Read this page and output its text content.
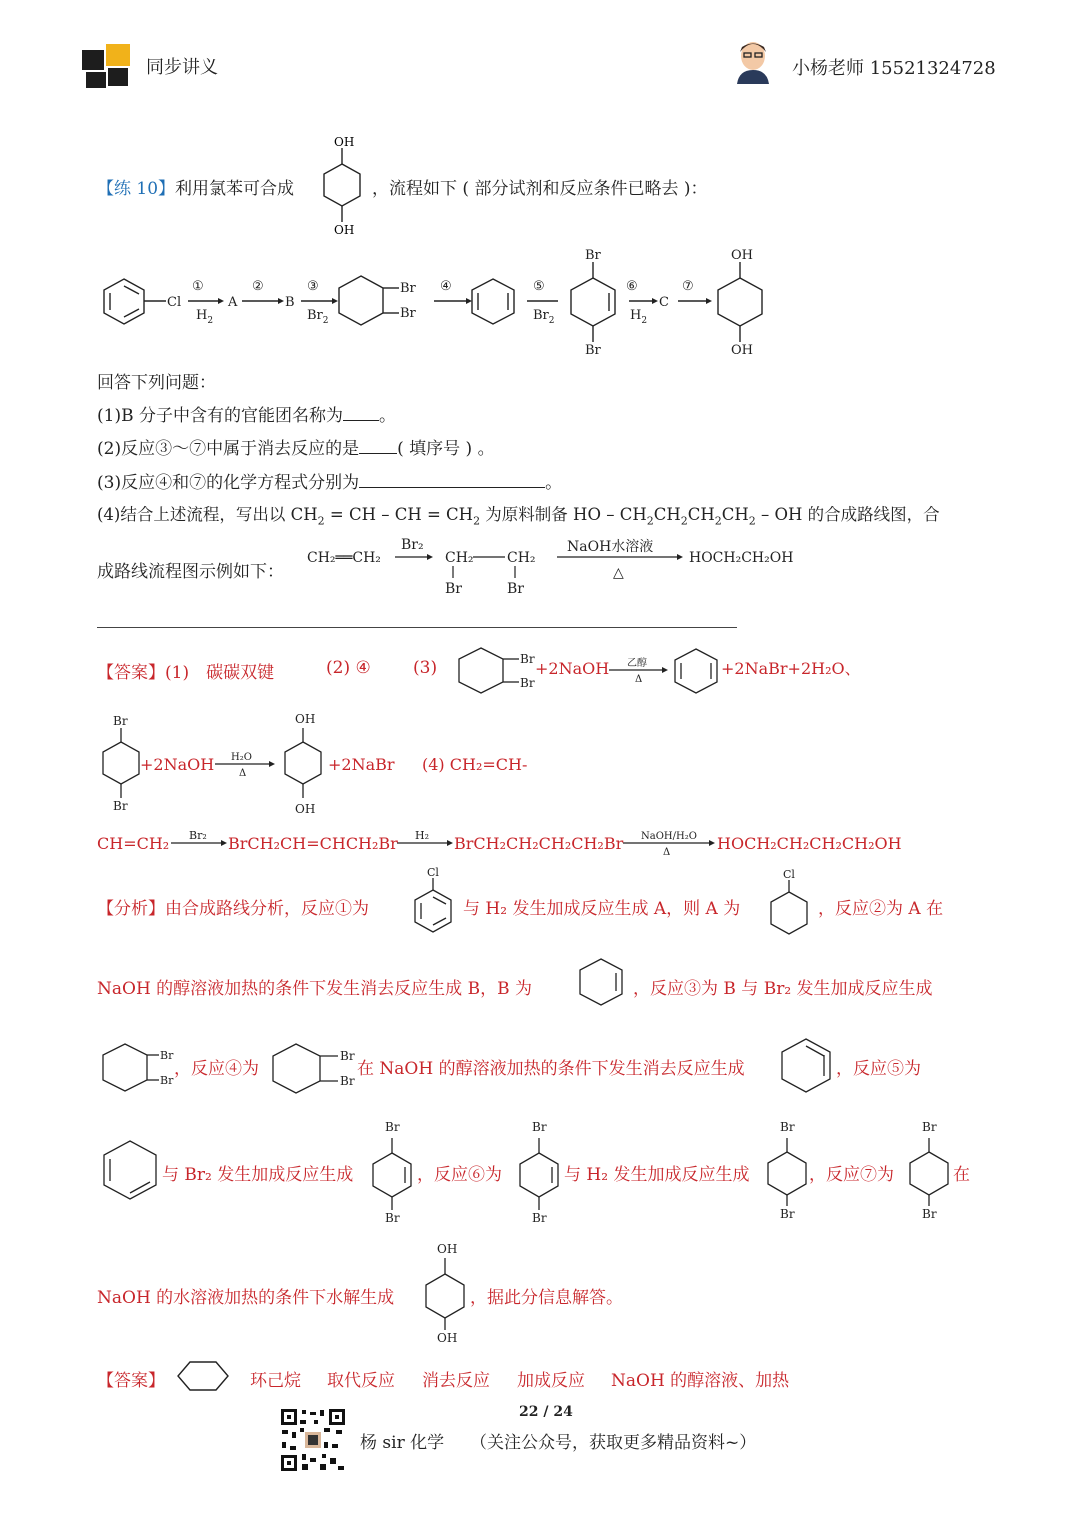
同步讲义	小杨老师 15521324728
【练 10】利用氯苯可合成
OH
OH
，流程如下 ( 部分试剂和反应条件已略去 )：
Cl
①
$H_2$
A
②
B
③
$Br_2$
Br
Br
④	⑤
$Br_2$
Br
Br
⑥
$H_2$
C
⑦
OH
OH
回答下列问题：
(1)B 分子中含有的官能团名称为 。
(2)反应③～⑦中属于消去反应的是 ( 填序号 ) 。
(3)反应④和⑦的化学方程式分别为	。
(4)结合上述流程，写出以 $CH_2$ = CH – CH = $CH_2$ 为原料制备 HO – $CH_2CH_2CH_2CH_2$ – OH 的合成路线图，合
成路线流程图示例如下：
CH₂══CH₂
Br₂
CH₂ CH₂
Br	Br
NaOH水溶液
△
HOCH₂CH₂OH
【答案】(1)　碳碳双键	(2) ④ (3)	Br
Br
乙醇
Δ
+2NaOH	+2NaBr+2H₂O、
Br
Br
OH
OH
H₂O
Δ
+2NaOH	+2NaBr (4) CH₂=CH-
Br₂	H₂	NaOH/H₂O
Δ
CH=CH₂	BrCH₂CH=CHCH₂Br	BrCH₂CH₂CH₂CH₂Br	HOCH₂CH₂CH₂CH₂OH
【分析】由合成路线分析，反应①为
Cl
与 H₂ 发生加成反应生成 A，则 A 为
Cl
，反应②为 A 在
NaOH 的醇溶液加热的条件下发生消去反应生成 B，B 为	，反应③为 B 与 Br₂ 发生加成反应生成
Br
Br
，反应④为
Br
Br
在 NaOH 的醇溶液加热的条件下发生消去反应生成	，反应⑤为
与 Br₂ 发生加成反应生成
Br
Br
，反应⑥为
Br
Br
与 H₂ 发生加成反应生成
Br
Br
，反应⑦为
Br
Br
在
NaOH 的水溶液加热的条件下水解生成
OH
OH
，据此分信息解答。
【答案】	环己烷 取代反应 消去反应 加成反应 NaOH 的醇溶液、加热
22 / 24
杨 sir 化学 （关注公众号，获取更多精品资料~）
